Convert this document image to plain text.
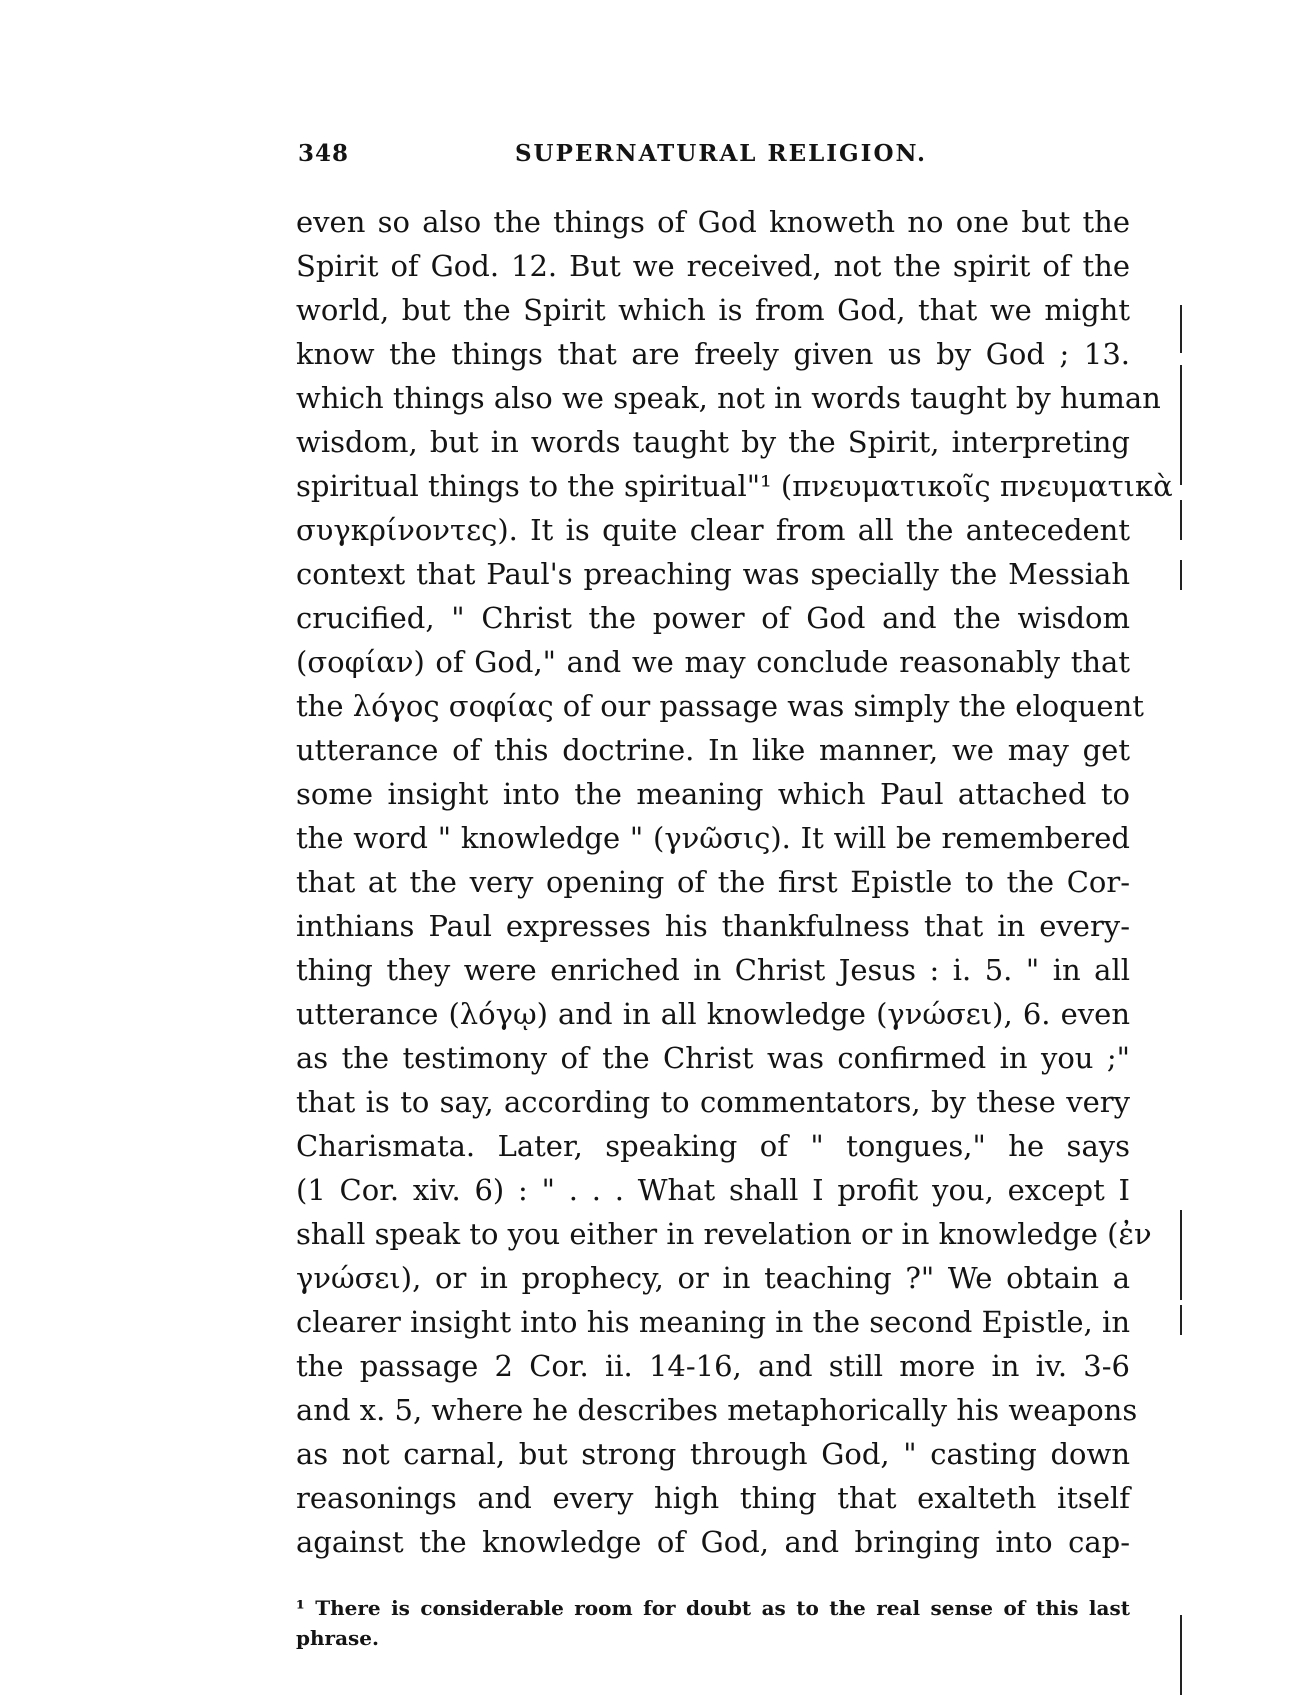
348	SUPERNATURAL RELIGION.
even so also the things of God knoweth no one but the
Spirit of God. 12. But we received, not the spirit of the
world, but the Spirit which is from God, that we might
know the things that are freely given us by God ; 13.
which things also we speak, not in words taught by human
wisdom, but in words taught by the Spirit, interpreting
spiritual things to the spiritual"¹ (πνευματικοῖς πνευματικὰ
συγκρίνοντες). It is quite clear from all the antecedent
context that Paul's preaching was specially the Messiah
crucified, " Christ the power of God and the wisdom
(σοφίαν) of God," and we may conclude reasonably that
the λόγος σοφίας of our passage was simply the eloquent
utterance of this doctrine. In like manner, we may get
some insight into the meaning which Paul attached to
the word " knowledge " (γνῶσις). It will be remembered
that at the very opening of the first Epistle to the Cor-
inthians Paul expresses his thankfulness that in every-
thing they were enriched in Christ Jesus : i. 5. " in all
utterance (λόγῳ) and in all knowledge (γνώσει), 6. even
as the testimony of the Christ was confirmed in you ;"
that is to say, according to commentators, by these very
Charismata. Later, speaking of " tongues," he says
(1 Cor. xiv. 6) : " . . . What shall I profit you, except I
shall speak to you either in revelation or in knowledge (ἐν
γνώσει), or in prophecy, or in teaching ?" We obtain a
clearer insight into his meaning in the second Epistle, in
the passage 2 Cor. ii. 14-16, and still more in iv. 3-6
and x. 5, where he describes metaphorically his weapons
as not carnal, but strong through God, " casting down
reasonings and every high thing that exalteth itself
against the knowledge of God, and bringing into cap-
¹ There is considerable room for doubt as to the real sense of this last
phrase.
